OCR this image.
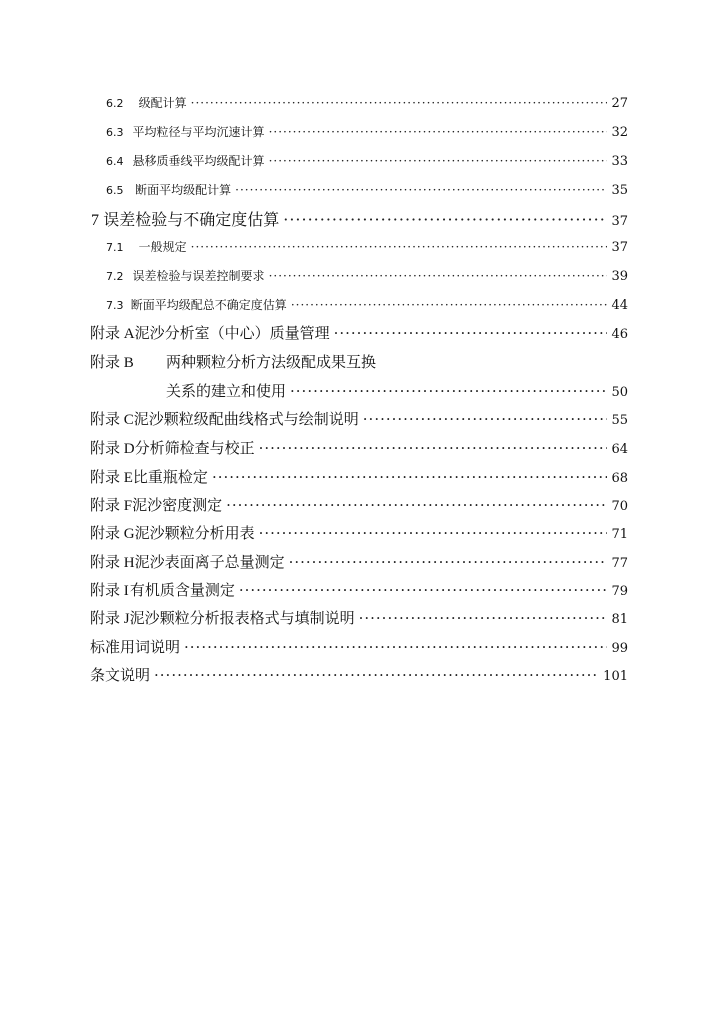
6.2	级配计算 ·····	27
6.3 平均粒径与平均沉速计算 ·····	32
6.4 悬移质垂线平均级配计算 ·····	33
6.5 断面平均级配计算 ·····	35
7 误差检验与不确定度估算 ·····	37
7.1	一般规定 ·····	37
7.2 误差检验与误差控制要求 ·····	39
7.3 断面平均级配总不确定度估算 ·····	44
附录 A 泥沙分析室（中心）质量管理 ·····	46
附录 B	两种颗粒分析方法级配成果互换
关系的建立和使用 ·····	50
附录 C 泥沙颗粒级配曲线格式与绘制说明 ·····	55
附录 D 分析筛检查与校正 ·····	64
附录 E 比重瓶检定 ·····	68
附录 F 泥沙密度测定 ·····	70
附录 G 泥沙颗粒分析用表 ·····	71
附录 H 泥沙表面离子总量测定 ·····	77
附录 I 有机质含量测定 ·····	79
附录 J 泥沙颗粒分析报表格式与填制说明 ·····	81
标准用词说明 ·····	99
条文说明 ·····	101
